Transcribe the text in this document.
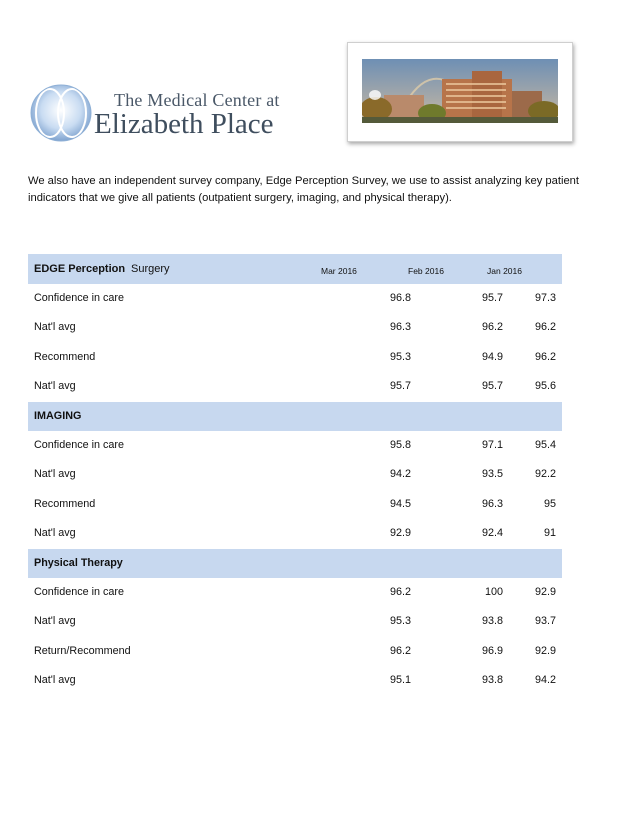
The Medical Center at
Elizabeth Place
We also have an independent survey company, Edge Perception Survey, we use to assist analyzing key patient indicators that we give all patients (outpatient surgery, imaging, and physical therapy).
EDGE Perception Surgery	Mar 2016	Feb 2016	Jan 2016
Confidence in care	96.8	95.7	97.3
Nat'l avg	96.3	96.2	96.2
Recommend	95.3	94.9	96.2
Nat'l avg	95.7	95.7	95.6
IMAGING
Confidence in care	95.8	97.1	95.4
Nat'l avg	94.2	93.5	92.2
Recommend	94.5	96.3	95
Nat'l avg	92.9	92.4	91
Physical Therapy
Confidence in care	96.2	100	92.9
Nat'l avg	95.3	93.8	93.7
Return/Recommend	96.2	96.9	92.9
Nat'l avg	95.1	93.8	94.2
